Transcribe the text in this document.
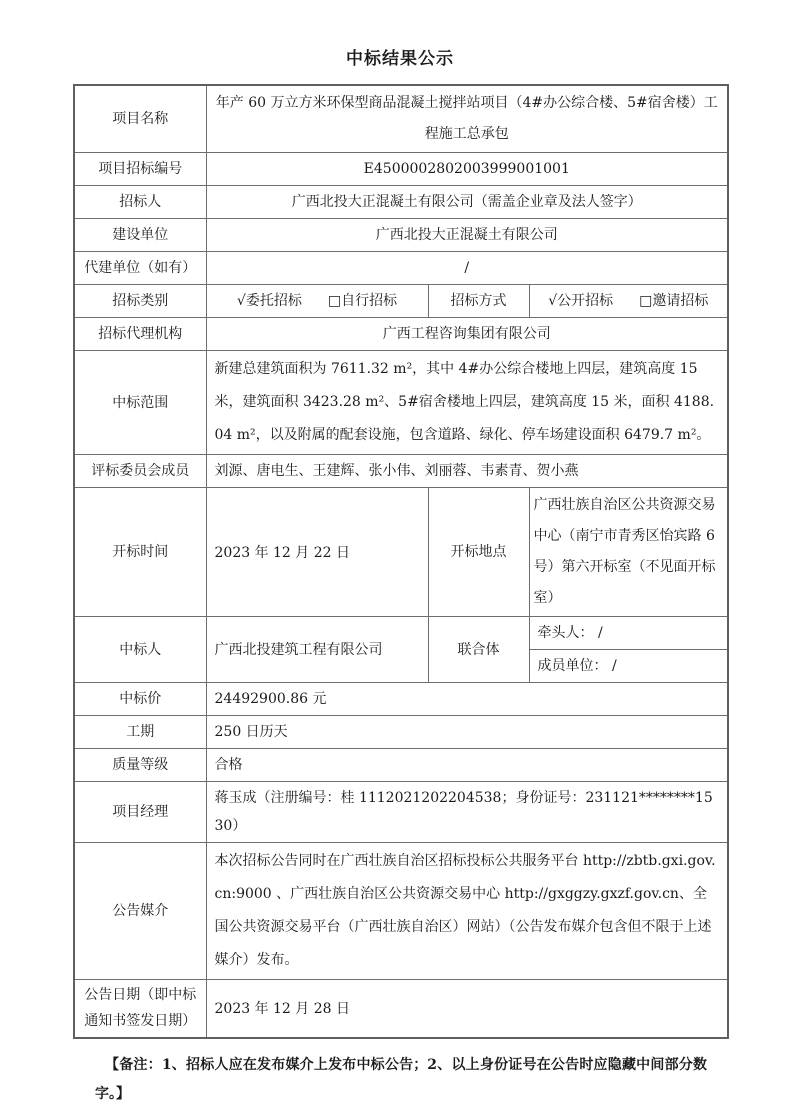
中标结果公示
项目名称	年产 60 万立方米环保型商品混凝土搅拌站项目（4#办公综合楼、5#宿舍楼）工程施工总承包		
项目招标编号	E4500002802003999001001		
招标人	广西北投大正混凝土有限公司（需盖企业章及法人签字）		
建设单位	广西北投大正混凝土有限公司		
代建单位（如有）	/		
招标类别	√委托招标 □自行招标	招标方式	√公开招标 □邀请招标

招标代理机构	广西工程咨询集团有限公司		
中标范围	新建总建筑面积为 7611.32 m²，其中 4#办公综合楼地上四层，建筑高度 15 米，建筑面积 3423.28 m²、5#宿舍楼地上四层，建筑高度 15 米，面积 4188.04 m²，以及附属的配套设施，包含道路、绿化、停车场建设面积 6479.7 m²。		
评标委员会成员	刘源、唐电生、王建辉、张小伟、刘丽蓉、韦素青、贺小燕		
开标时间	2023 年 12 月 22 日	开标地点	广西壮族自治区公共资源交易中心（南宁市青秀区怡宾路 6 号）第六开标室（不见面开标室）
中标人	广西北投建筑工程有限公司	联合体	牵头人： /
			成员单位： /
中标价	24492900.86 元		
工期	250 日历天		
质量等级	合格		
项目经理	蒋玉成（注册编号：桂 1112021202204538；身份证号：231121********1530）		
公告媒介	本次招标公告同时在广西壮族自治区招标投标公共服务平台 http://zbtb.gxi.gov.cn:9000 、广西壮族自治区公共资源交易中心 http://gxggzy.gxzf.gov.cn、全国公共资源交易平台（广西壮族自治区）网站）（公告发布媒介包含但不限于上述媒介）发布。		
公告日期（即中标通知书签发日期）	2023 年 12 月 28 日		
【备注：1、招标人应在发布媒介上发布中标公告；2、以上身份证号在公告时应隐藏中间部分数字。】
